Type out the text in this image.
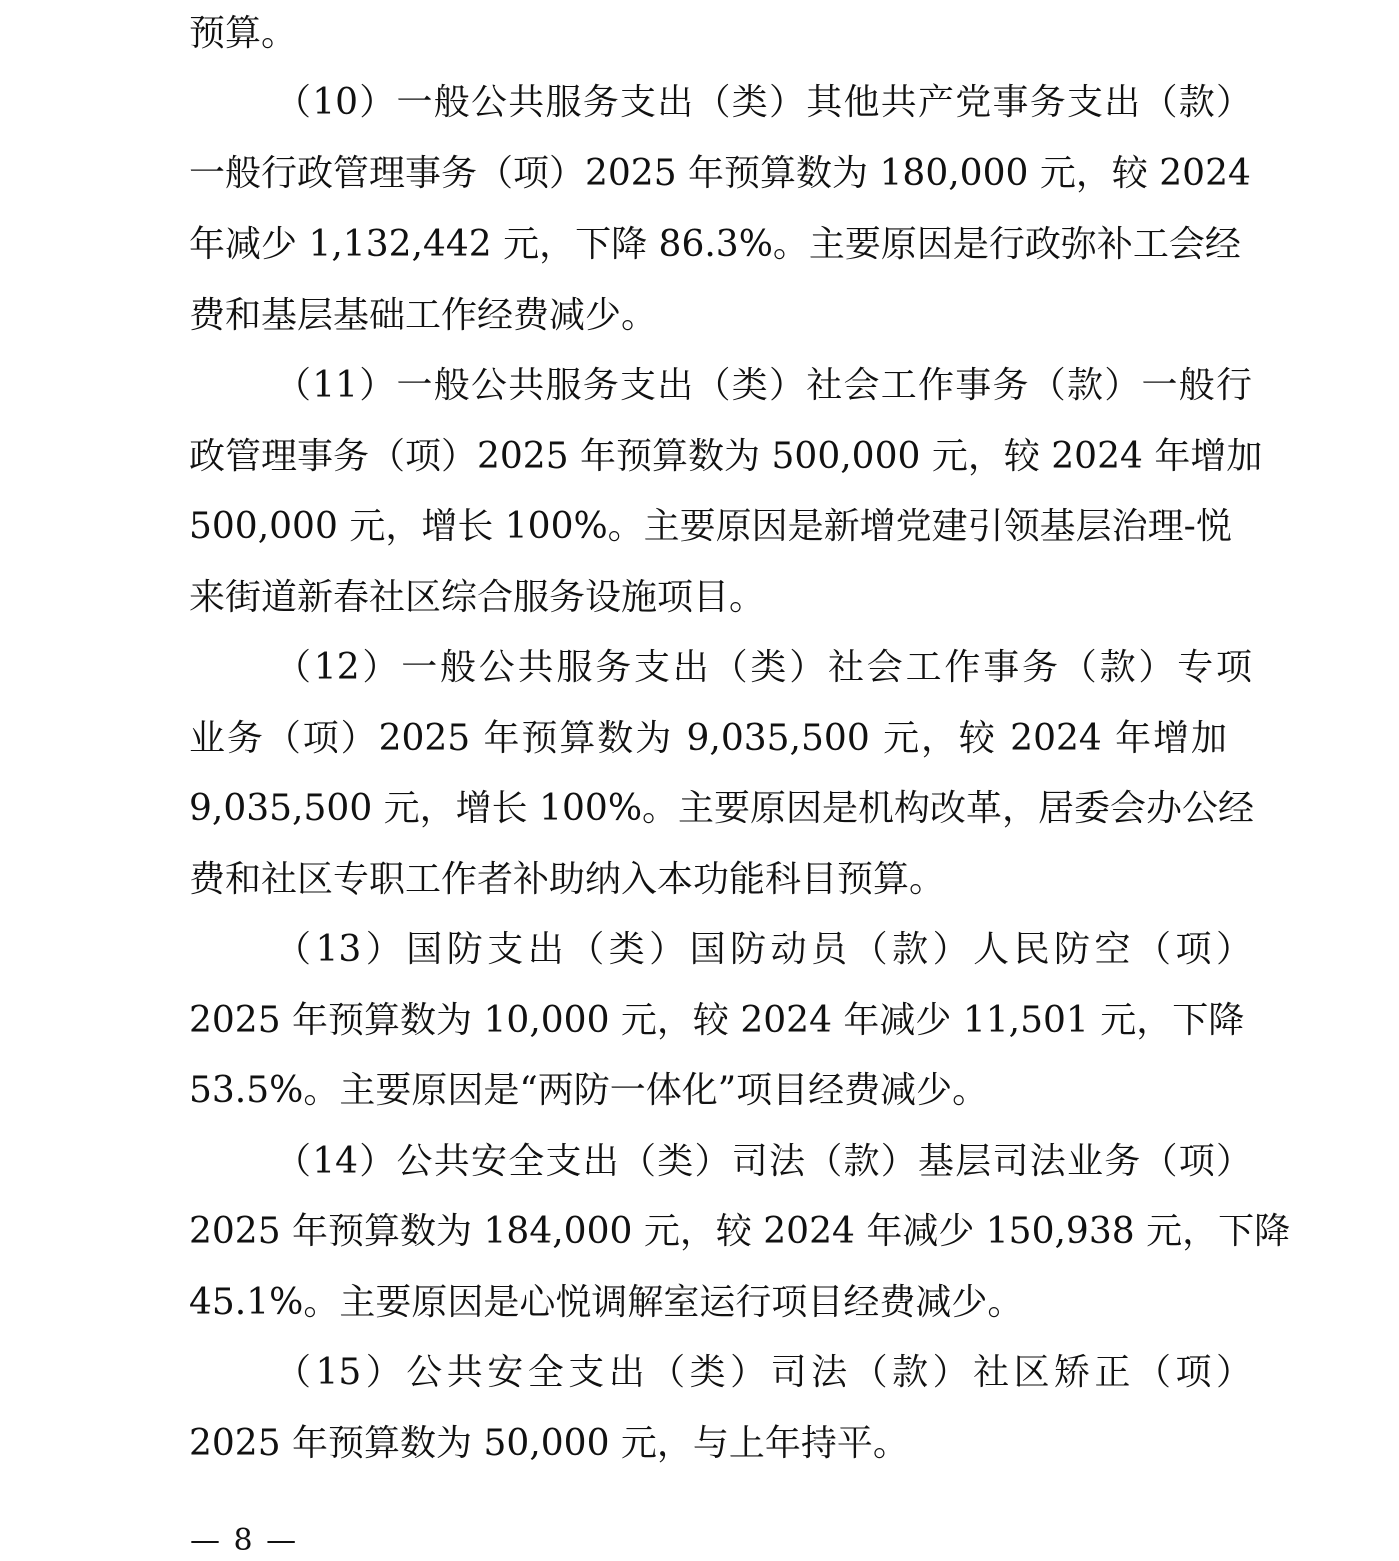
预算。
（10）一般公共服务支出（类）其他共产党事务支出（款）
一般行政管理事务（项）2025 年预算数为 180,000 元，较 2024
年减少 1,132,442 元，下降 86.3%。主要原因是行政弥补工会经
费和基层基础工作经费减少。
（11）一般公共服务支出（类）社会工作事务（款）一般行
政管理事务（项）2025 年预算数为 500,000 元，较 2024 年增加
500,000 元，增长 100%。主要原因是新增党建引领基层治理-悦
来街道新春社区综合服务设施项目。
（12）一般公共服务支出（类）社会工作事务（款）专项
业务（项）2025 年预算数为 9,035,500 元，较 2024 年增加
9,035,500 元，增长 100%。主要原因是机构改革，居委会办公经
费和社区专职工作者补助纳入本功能科目预算。
（13）国防支出（类）国防动员（款）人民防空（项）
2025 年预算数为 10,000 元，较 2024 年减少 11,501 元，下降
53.5%。主要原因是“两防一体化”项目经费减少。
（14）公共安全支出（类）司法（款）基层司法业务（项）
2025 年预算数为 184,000 元，较 2024 年减少 150,938 元，下降
45.1%。主要原因是心悦调解室运行项目经费减少。
（15）公共安全支出（类）司法（款）社区矫正（项）
2025 年预算数为 50,000 元，与上年持平。
— 8 —
